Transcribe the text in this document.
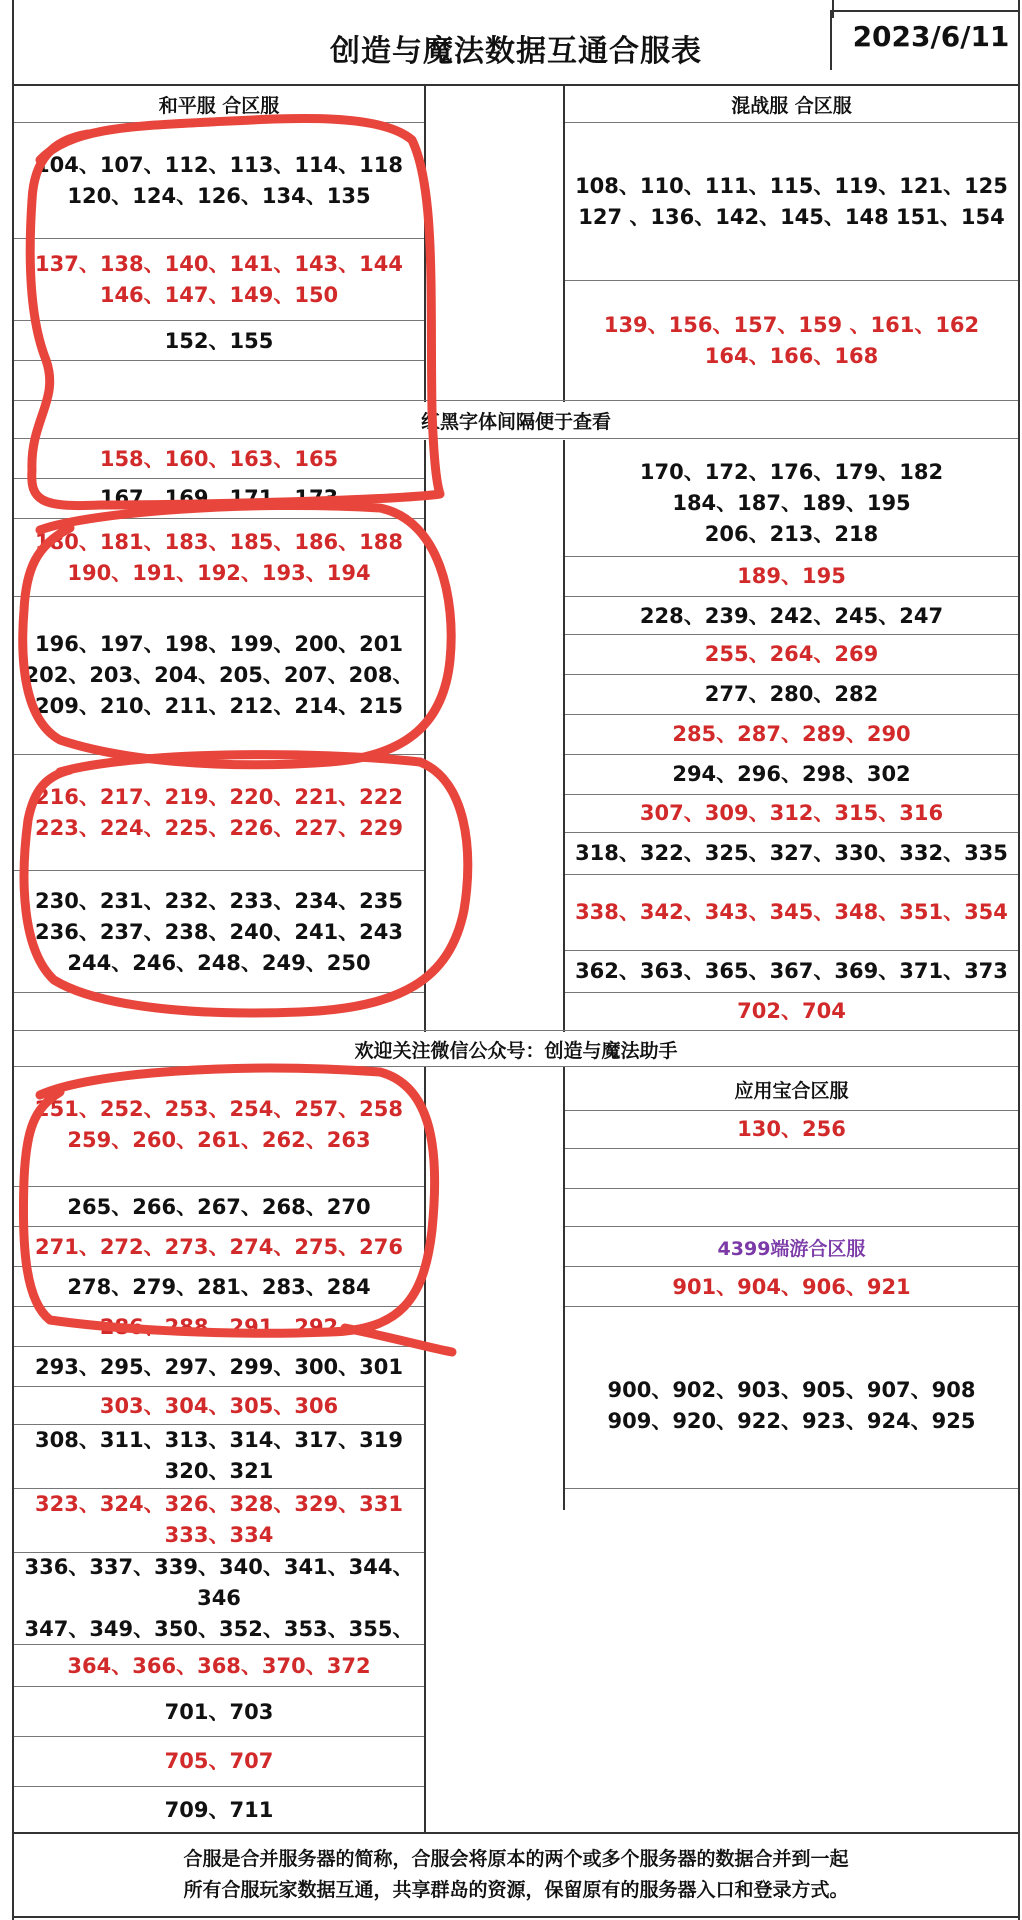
创造与魔法数据互通合服表	2023/6/11
和平服 合区服	混战服 合区服
104、107、112、113、114、118
120、124、126、134、135
137、138、140、141、143、144
146、147、149、150
152、155
108、110、111、115、119、121、125
127 、136、142、145、148 151、154
139、156、157、159 、161、162
164、166、168
红黑字体间隔便于查看
158、160、163、165
167、169、171、173
180、181、183、185、186、188
190、191、192、193、194
196、197、198、199、200、201
202、203、204、205、207、208、
209、210、211、212、214、215
216、217、219、220、221、222
223、224、225、226、227、229
230、231、232、233、234、235
236、237、238、240、241、243
244、246、248、249、250
170、172、176、179、182
184、187、189、195
206、213、218
189、195
228、239、242、245、247
255、264、269
277、280、282
285、287、289、290
294、296、298、302
307、309、312、315、316
318、322、325、327、330、332、335
338、342、343、345、348、351、354
362、363、365、367、369、371、373
702、704
欢迎关注微信公众号：创造与魔法助手
251、252、253、254、257、258
259、260、261、262、263
265、266、267、268、270
271、272、273、274、275、276
278、279、281、283、284
286、288、291、292
293、295、297、299、300、301
303、304、305、306
308、311、313、314、317、319
320、321
323、324、326、328、329、331
333、334
336、337、339、340、341、344、
346
347、349、350、352、353、355、
364、366、368、370、372
701、703
705、707
709、711
应用宝合区服
130、256
4399端游合区服
901、904、906、921
900、902、903、905、907、908
909、920、922、923、924、925
合服是合并服务器的简称，合服会将原本的两个或多个服务器的数据合并到一起
所有合服玩家数据互通，共享群岛的资源，保留原有的服务器入口和登录方式。
